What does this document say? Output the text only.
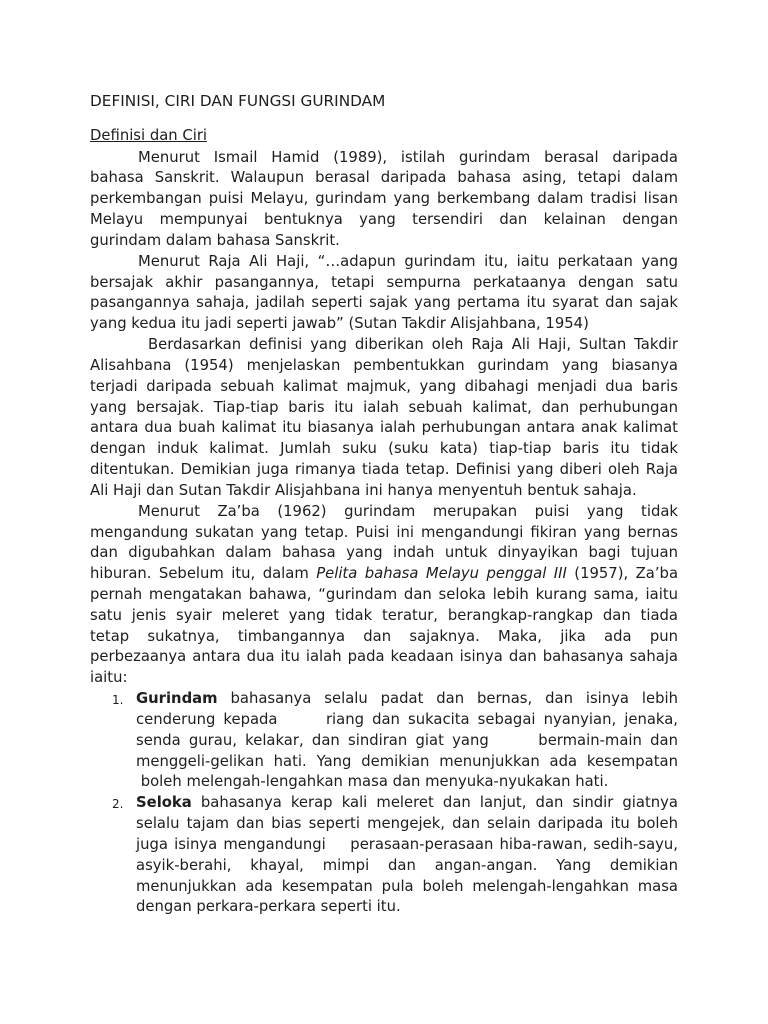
DEFINISI, CIRI DAN FUNGSI GURINDAM
Definisi dan Ciri
Menurut Ismail Hamid (1989), istilah gurindam berasal daripada
bahasa Sanskrit. Walaupun berasal daripada bahasa asing, tetapi dalam
perkembangan puisi Melayu, gurindam yang berkembang dalam tradisi lisan
Melayu mempunyai bentuknya yang tersendiri dan kelainan dengan
gurindam dalam bahasa Sanskrit.
Menurut Raja Ali Haji, “…adapun gurindam itu, iaitu perkataan yang
bersajak akhir pasangannya, tetapi sempurna perkataanya dengan satu
pasangannya sahaja, jadilah seperti sajak yang pertama itu syarat dan sajak
yang kedua itu jadi seperti jawab” (Sutan Takdir Alisjahbana, 1954)
Berdasarkan definisi yang diberikan oleh Raja Ali Haji, Sultan Takdir
Alisahbana (1954) menjelaskan pembentukkan gurindam yang biasanya
terjadi daripada sebuah kalimat majmuk, yang dibahagi menjadi dua baris
yang bersajak. Tiap-tiap baris itu ialah sebuah kalimat, dan perhubungan
antara dua buah kalimat itu biasanya ialah perhubungan antara anak kalimat
dengan induk kalimat. Jumlah suku (suku kata) tiap-tiap baris itu tidak
ditentukan. Demikian juga rimanya tiada tetap. Definisi yang diberi oleh Raja
Ali Haji dan Sutan Takdir Alisjahbana ini hanya menyentuh bentuk sahaja.
Menurut Za’ba (1962) gurindam merupakan puisi yang tidak
mengandung sukatan yang tetap. Puisi ini mengandungi fikiran yang bernas
dan digubahkan dalam bahasa yang indah untuk dinyayikan bagi tujuan
hiburan. Sebelum itu, dalam Pelita bahasa Melayu penggal III (1957), Za’ba
pernah mengatakan bahawa, “gurindam dan seloka lebih kurang sama, iaitu
satu jenis syair meleret yang tidak teratur, berangkap-rangkap dan tiada
tetap sukatnya, timbangannya dan sajaknya. Maka, jika ada pun
perbezaanya antara dua itu ialah pada keadaan isinya dan bahasanya sahaja
iaitu:
1. Gurindam bahasanya selalu padat dan bernas, dan isinya lebih
cenderung kepada      riang dan sukacita sebagai nyanyian, jenaka,
senda gurau, kelakar, dan sindiran giat yang      bermain-main dan
menggeli-gelikan hati. Yang demikian menunjukkan ada kesempatan
boleh melengah-lengahkan masa dan menyuka-nyukakan hati.
2. Seloka bahasanya kerap kali meleret dan lanjut, dan sindir giatnya
selalu tajam dan bias seperti mengejek, dan selain daripada itu boleh
juga isinya mengandungi    perasaan-perasaan hiba-rawan, sedih-sayu,
asyik-berahi, khayal, mimpi dan angan-angan. Yang demikian
menunjukkan ada kesempatan pula boleh melengah-lengahkan masa
dengan perkara-perkara seperti itu.
